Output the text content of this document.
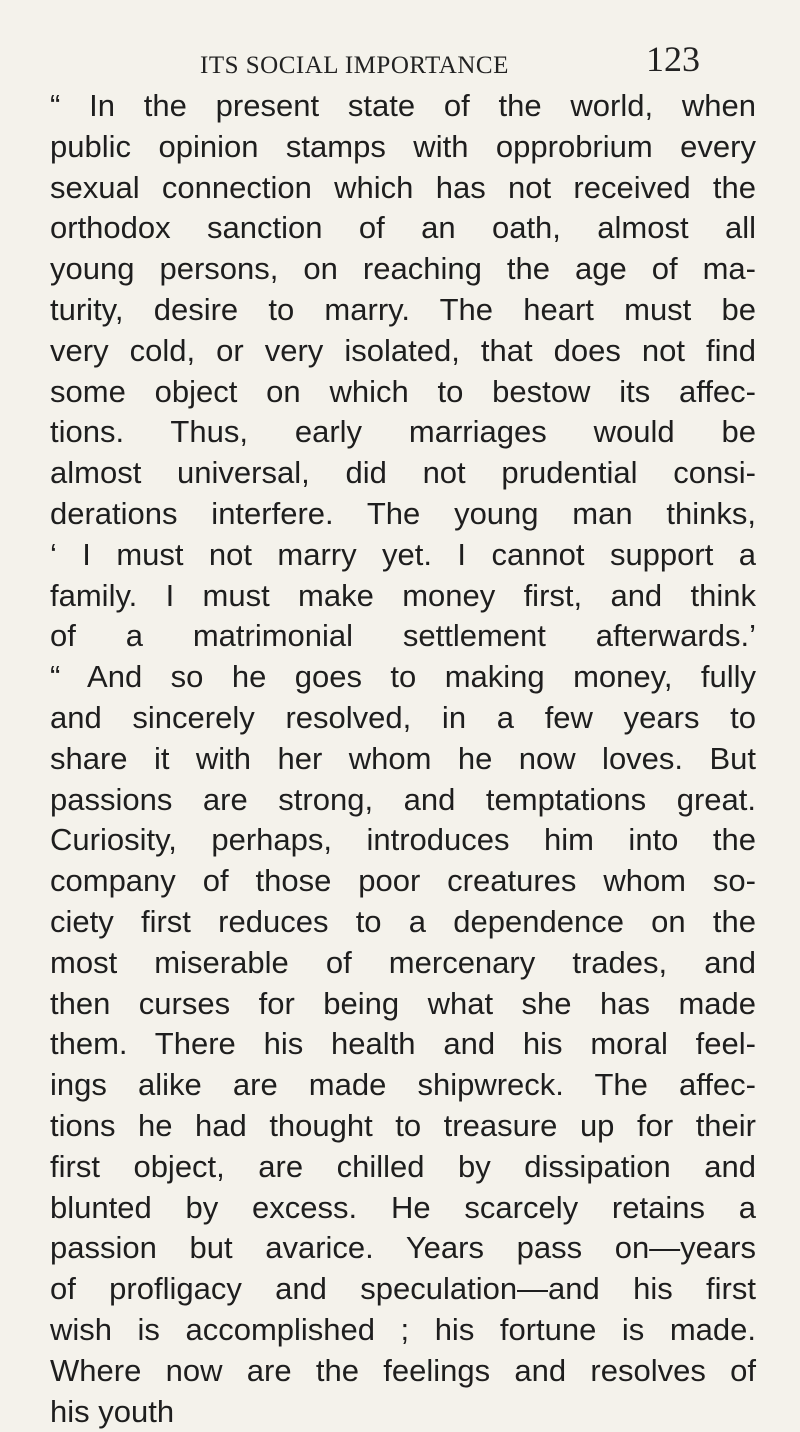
ITS SOCIAL IMPORTANCE	123
“ In the present state of the world, when
public opinion stamps with opprobrium every
sexual connection which has not received the
orthodox sanction of an oath, almost all
young persons, on reaching the age of ma-
turity, desire to marry. The heart must be
very cold, or very isolated, that does not find
some object on which to bestow its affec-
tions. Thus, early marriages would be
almost universal, did not prudential consi-
derations interfere. The young man thinks,
‘ I must not marry yet. I cannot support a
family. I must make money first, and think
of a matrimonial settlement afterwards.’
“ And so he goes to making money, fully
and sincerely resolved, in a few years to
share it with her whom he now loves. But
passions are strong, and temptations great.
Curiosity, perhaps, introduces him into the
company of those poor creatures whom so-
ciety first reduces to a dependence on the
most miserable of mercenary trades, and
then curses for being what she has made
them. There his health and his moral feel-
ings alike are made shipwreck. The affec-
tions he had thought to treasure up for their
first object, are chilled by dissipation and
blunted by excess. He scarcely retains a
passion but avarice. Years pass on—years
of profligacy and speculation—and his first
wish is accomplished ; his fortune is made.
Where now are the feelings and resolves of
his youth
